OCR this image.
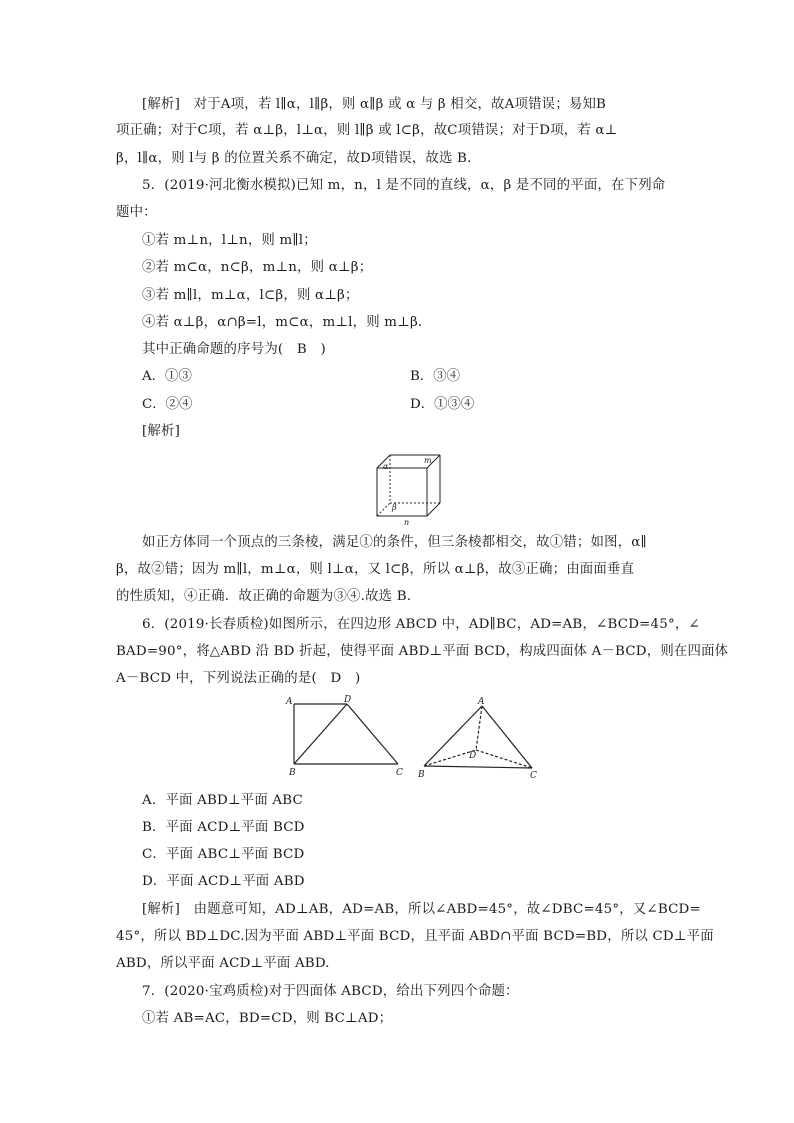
[解析]　对于A项，若 l∥α，l∥β，则 α∥β 或 α 与 β 相交，故A项错误；易知B
项正确；对于C项，若 α⊥β，l⊥α，则 l∥β 或 l⊂β，故C项错误；对于D项，若 α⊥
β，l∥α，则 l与 β 的位置关系不确定，故D项错误，故选 B.
5．(2019·河北衡水模拟)已知 m，n，l 是不同的直线，α，β 是不同的平面，在下列命
题中：
①若 m⊥n，l⊥n，则 m∥l；
②若 m⊂α，n⊂β，m⊥n，则 α⊥β；
③若 m∥l，m⊥α，l⊂β，则 α⊥β；
④若 α⊥β，α∩β=l，m⊂α，m⊥l，则 m⊥β.
其中正确命题的序号为(　B　)
A．①③	B．③④
C．②④	D．①③④
[解析]
m
α
β
n
如正方体同一个顶点的三条棱，满足①的条件，但三条棱都相交，故①错；如图，α∥
β，故②错；因为 m∥l，m⊥α，则 l⊥α，又 l⊂β，所以 α⊥β，故③正确；由面面垂直
的性质知，④正确．故正确的命题为③④.故选 B.
6．(2019·长春质检)如图所示，在四边形 ABCD 中，AD∥BC，AD=AB，∠BCD=45°，∠
BAD=90°，将△ABD 沿 BD 折起，使得平面 ABD⊥平面 BCD，构成四面体 A－BCD，则在四面体
A－BCD 中，下列说法正确的是(　D　)
A	D
B	C
A
D
B	C
A．平面 ABD⊥平面 ABC
B．平面 ACD⊥平面 BCD
C．平面 ABC⊥平面 BCD
D．平面 ACD⊥平面 ABD
[解析]　由题意可知，AD⊥AB，AD=AB，所以∠ABD=45°，故∠DBC=45°，又∠BCD=
45°，所以 BD⊥DC.因为平面 ABD⊥平面 BCD，且平面 ABD∩平面 BCD=BD，所以 CD⊥平面
ABD，所以平面 ACD⊥平面 ABD.
7．(2020·宝鸡质检)对于四面体 ABCD，给出下列四个命题：
①若 AB=AC，BD=CD，则 BC⊥AD；
